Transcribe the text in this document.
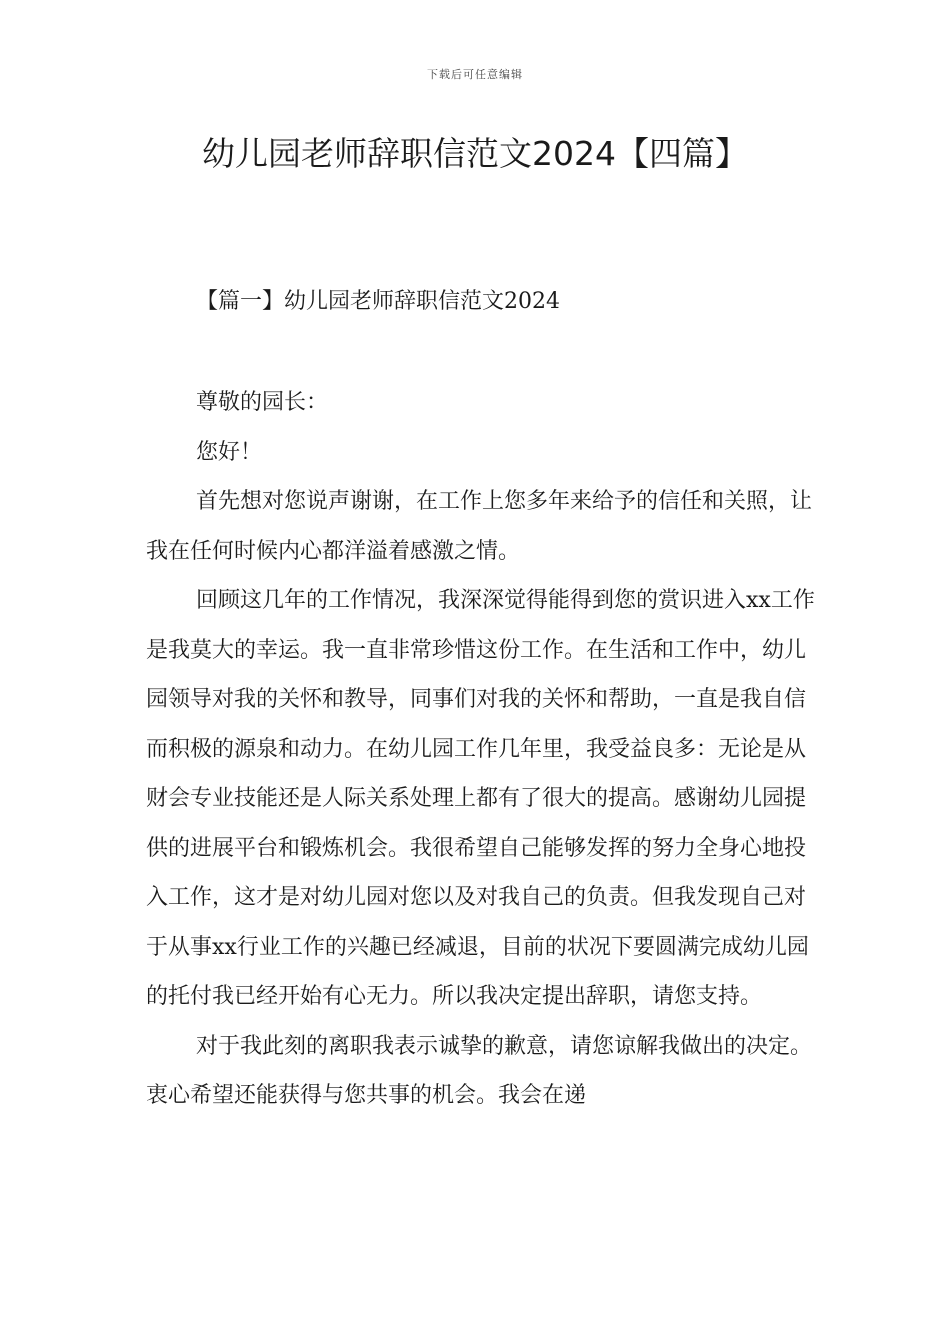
下载后可任意编辑
幼儿园老师辞职信范文2024【四篇】
【篇一】幼儿园老师辞职信范文2024

尊敬的园长：

您好！

首先想对您说声谢谢，在工作上您多年来给予的信任和关照，让我在任何时候内心都洋溢着感激之情。

回顾这几年的工作情况，我深深觉得能得到您的赏识进入xx工作是我莫大的幸运。我一直非常珍惜这份工作。在生活和工作中，幼儿园领导对我的关怀和教导，同事们对我的关怀和帮助，一直是我自信而积极的源泉和动力。在幼儿园工作几年里，我受益良多：无论是从财会专业技能还是人际关系处理上都有了很大的提高。感谢幼儿园提供的进展平台和锻炼机会。我很希望自己能够发挥的努力全身心地投入工作，这才是对幼儿园对您以及对我自己的负责。但我发现自己对于从事xx行业工作的兴趣已经减退，目前的状况下要圆满完成幼儿园的托付我已经开始有心无力。所以我决定提出辞职，请您支持。

对于我此刻的离职我表示诚挚的歉意，请您谅解我做出的决定。衷心希望还能获得与您共事的机会。我会在递
